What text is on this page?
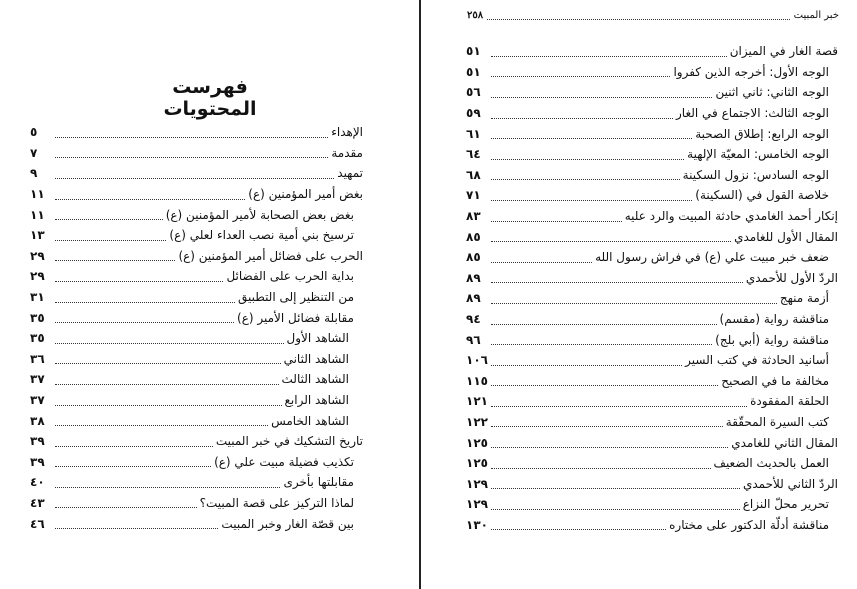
فهرست المحتويات
الإهداء
٥
مقدمة
٧
تمهيد
٩
بغض أمير المؤمنين (ع)
١١
بغض بعض الصحابة لأمير المؤمنين (ع)
١١
ترسيخ بني أمية نصب العداء لعلي (ع)
١٣
الحرب على فضائل أمير المؤمنين (ع)
٢٩
بداية الحرب على الفضائل
٢٩
من التنظير إلى التطبيق
٣١
مقابلة فضائل الأمير (ع)
٣٥
الشاهد الأول
٣٥
الشاهد الثاني
٣٦
الشاهد الثالث
٣٧
الشاهد الرابع
٣٧
الشاهد الخامس
٣٨
تاريخ التشكيك في خبر المبيت
٣٩
تكذيب فضيلة مبيت علي (ع)
٣٩
مقابلتها بأخرى
٤٠
لماذا التركيز على قصة المبيت؟
٤٣
بين قصّة الغار وخبر المبيت
٤٦
خبر المبيت
٢٥٨
قصة الغار في الميزان
٥١
الوجه الأول: أخرجه الذين كفروا
٥١
الوجه الثاني: ثاني اثنين
٥٦
الوجه الثالث: الاجتماع في الغار
٥٩
الوجه الرابع: إطلاق الصحبة
٦١
الوجه الخامس: المعيّة الإلهية
٦٤
الوجه السادس: نزول السكينة
٦٨
خلاصة القول في (السكينة)
٧١
إنكار أحمد الغامدي حادثة المبيت والرد عليه
٨٣
المقال الأول للغامدي
٨٥
ضعف خبر مبيت علي (ع) في فراش رسول الله
٨٥
الردّ الأول للأحمدي
٨٩
أزمة منهج
٨٩
مناقشة رواية (مقسم)
٩٤
مناقشة رواية (أبي بلج)
٩٦
أسانيد الحادثة في كتب السير
١٠٦
مخالفة ما في الصحيح
١١٥
الحلقة المفقودة
١٢١
كتب السيرة المحقّقة
١٢٢
المقال الثاني للغامدي
١٢٥
العمل بالحديث الضعيف
١٢٥
الردّ الثاني للأحمدي
١٢٩
تحرير محلّ النزاع
١٢٩
مناقشة أدلّة الدكتور على مختاره
١٣٠
